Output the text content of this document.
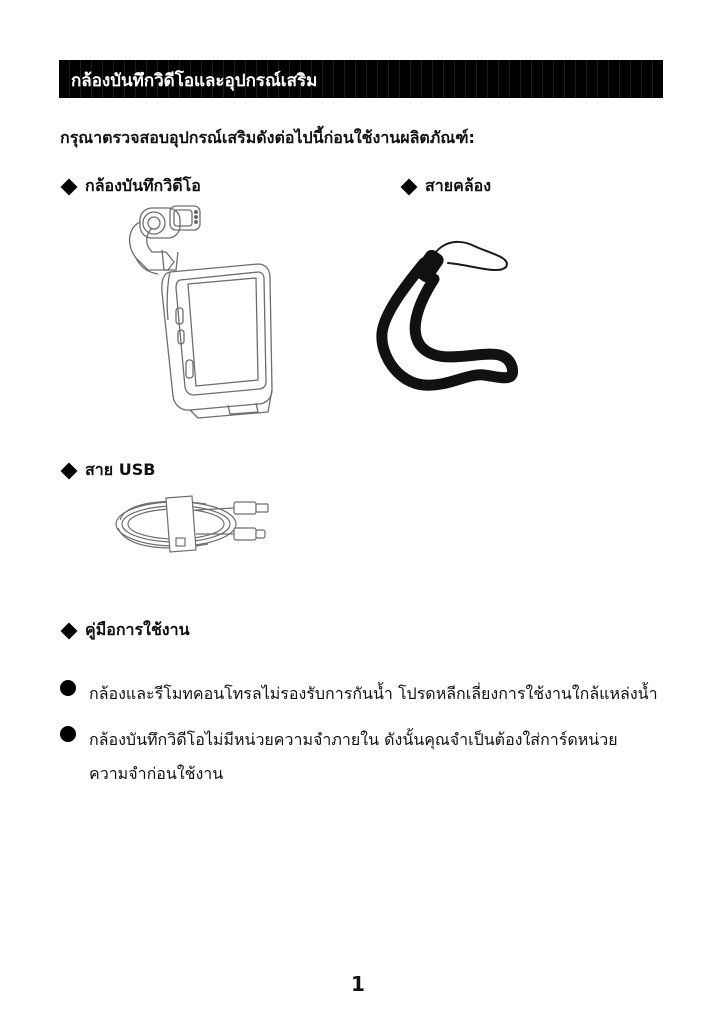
กล้องบันทึกวิดีโอและอุปกรณ์เสริม
กรุณาตรวจสอบอุปกรณ์เสริมดังต่อไปนี้ก่อนใช้งานผลิตภัณฑ์:
กล้องบันทึกวิดีโอ	สายคล้อง
สาย USB
คู่มือการใช้งาน
กล้องและรีโมทคอนโทรลไม่รองรับการกันน้ำ โปรดหลีกเลี่ยงการใช้งานใกล้แหล่งน้ำ
กล้องบันทึกวิดีโอไม่มีหน่วยความจำภายใน ดังนั้นคุณจำเป็นต้องใส่การ์ดหน่วยความจำก่อนใช้งาน
1
